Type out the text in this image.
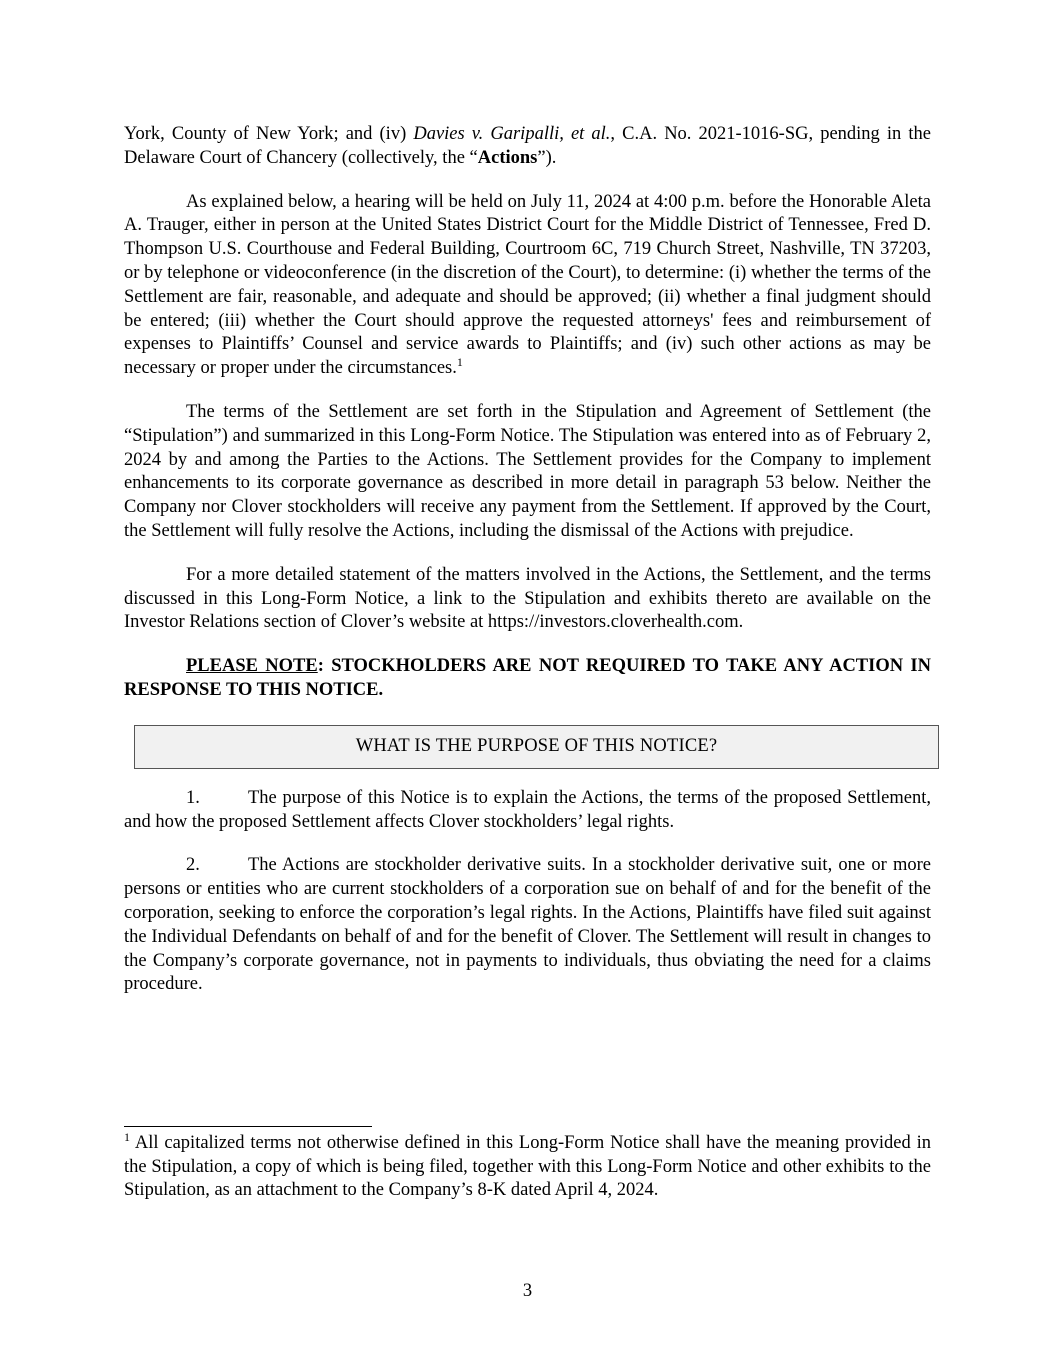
York, County of New York; and (iv) Davies v. Garipalli, et al., C.A. No. 2021-1016-SG, pending in the Delaware Court of Chancery (collectively, the “Actions”).

As explained below, a hearing will be held on July 11, 2024 at 4:00 p.m. before the Honorable Aleta A. Trauger, either in person at the United States District Court for the Middle District of Tennessee, Fred D. Thompson U.S. Courthouse and Federal Building, Courtroom 6C, 719 Church Street, Nashville, TN 37203, or by telephone or videoconference (in the discretion of the Court), to determine: (i) whether the terms of the Settlement are fair, reasonable, and adequate and should be approved; (ii) whether a final judgment should be entered; (iii) whether the Court should approve the requested attorneys' fees and reimbursement of expenses to Plaintiffs’ Counsel and service awards to Plaintiffs; and (iv) such other actions as may be necessary or proper under the circumstances.$^1$

The terms of the Settlement are set forth in the Stipulation and Agreement of Settlement (the “Stipulation”) and summarized in this Long-Form Notice. The Stipulation was entered into as of February 2, 2024 by and among the Parties to the Actions. The Settlement provides for the Company to implement enhancements to its corporate governance as described in more detail in paragraph 53 below. Neither the Company nor Clover stockholders will receive any payment from the Settlement. If approved by the Court, the Settlement will fully resolve the Actions, including the dismissal of the Actions with prejudice.

For a more detailed statement of the matters involved in the Actions, the Settlement, and the terms discussed in this Long-Form Notice, a link to the Stipulation and exhibits thereto are available on the Investor Relations section of Clover’s website at https://investors.cloverhealth.com.

PLEASE NOTE: STOCKHOLDERS ARE NOT REQUIRED TO TAKE ANY ACTION IN RESPONSE TO THIS NOTICE.

WHAT IS THE PURPOSE OF THIS NOTICE?

1.	The purpose of this Notice is to explain the Actions, the terms of the proposed Settlement, and how the proposed Settlement affects Clover stockholders’ legal rights.

2.	The Actions are stockholder derivative suits. In a stockholder derivative suit, one or more persons or entities who are current stockholders of a corporation sue on behalf of and for the benefit of the corporation, seeking to enforce the corporation’s legal rights. In the Actions, Plaintiffs have filed suit against the Individual Defendants on behalf of and for the benefit of Clover. The Settlement will result in changes to the Company’s corporate governance, not in payments to individuals, thus obviating the need for a claims procedure.

$^1$ All capitalized terms not otherwise defined in this Long-Form Notice shall have the meaning provided in the Stipulation, a copy of which is being filed, together with this Long-Form Notice and other exhibits to the Stipulation, as an attachment to the Company’s 8-K dated April 4, 2024.

3
